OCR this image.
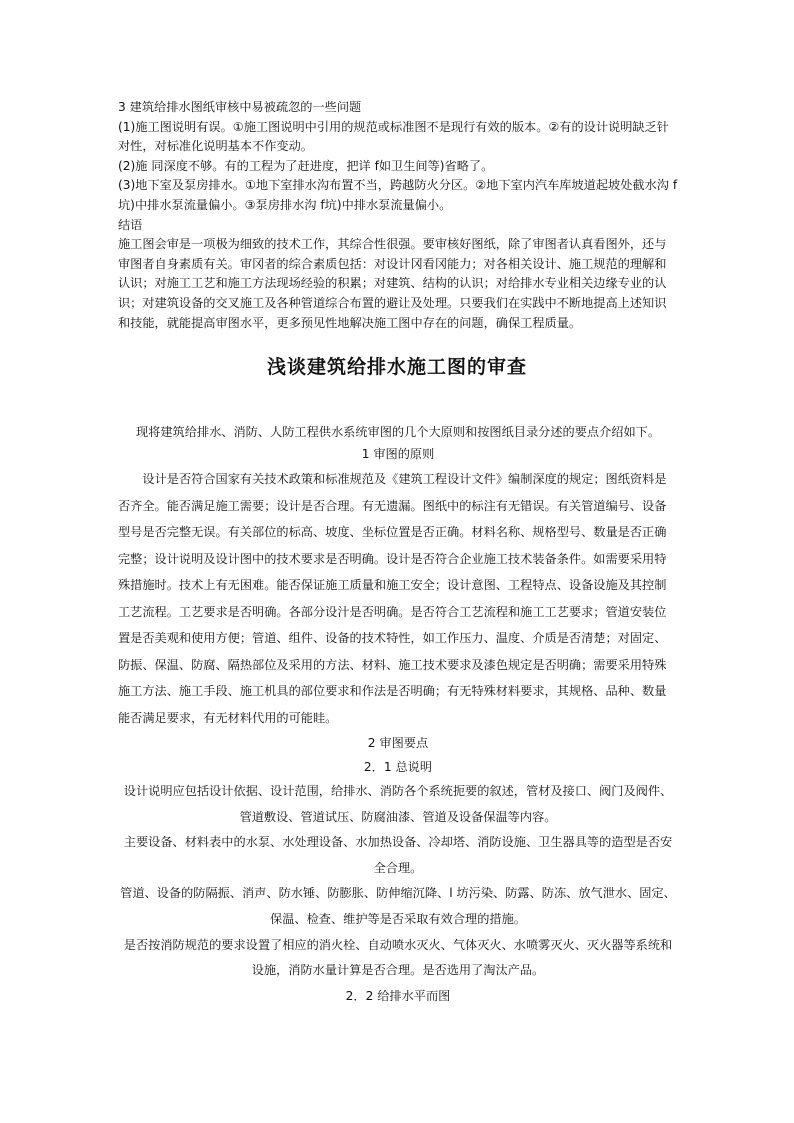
3 建筑给排水图纸审核中易被疏忽的一些问题

(1)施工图说明有误。①施工图说明中引用的规范或标准图不是现行有效的版本。②有的设计说明缺乏针对性，对标准化说明基本不作变动。

(2)施 同深度不够。有的工程为了赶进度，把详 f如卫生间等)省略了。

(3)地下室及泵房排水。①地下室排水沟布置不当，跨越防火分区。②地下室内汽车库坡道起坡处截水沟 f坑)中排水泵流量偏小。③泵房排水沟 f坑)中排水泵流量偏小。

结语

施工图会审是一项极为细致的技术工作，其综合性很强。要审核好图纸，除了审图者认真看图外，还与审图者自身素质有关。审冈者的综合素质包括：对设计冈看冈能力；对各相关设计、施工规范的理解和认识；对施工工艺和施工方法现场经验的积累；对建筑、结构的认识；对给排水专业相关边缘专业的认识；对建筑设备的交叉施工及各种管道综合布置的避让及处理。只要我们在实践中不断地提高上述知识和技能，就能提高审图水平，更多预见性地解决施工图中存在的问题，确保工程质量。

浅谈建筑给排水施工图的审查

现将建筑给排水、消防、人防工程供水系统审图的几个大原则和按图纸目录分述的要点介绍如下。

1 审图的原则

设计是否符合国家有关技术政策和标准规范及《建筑工程设计文件》编制深度的规定；图纸资料是否齐全。能否满足施工需要；设计是否合理。有无遗漏。图纸中的标注有无错误。有关管道编号、设备型号是否完整无误。有关部位的标高、坡度、坐标位置是否正确。材料名称、规格型号、数量是否正确完整；设计说明及设计图中的技术要求是否明确。设计是否符合企业施工技术装备条件。如需要采用特殊措施时。技术上有无困难。能否保证施工质量和施工安全；设计意图、工程特点、设备设施及其控制工艺流程。工艺要求是否明确。各部分设汁是否明确。是否符合工艺流程和施工工艺要求；管道安装位置是否美观和使用方便；管道、组件、设备的技术特性，如工作压力、温度、介质是否清楚；对固定、防振、保温、防腐、隔热部位及采用的方法、材料、施工技术要求及漆色规定是否明确；需要采用特殊施工方法、施工手段、施工机具的部位要求和作法是否明确；有无特殊材料要求，其规格、品种、数量能否满足要求，有无材料代用的可能眭。

2 审图要点

2．1 总说明

设计说明应包括设计依据、设计范围，给排水、消防各个系统扼要的叙述，管材及接口、阀门及阀件、管道敷设、管道试压、防腐油漆、管道及设备保温等内容。

主要设备、材料表中的水泵、水处理设备、水加热设备、冷却塔、消防设施、卫生器具等的造型是否安全合理。

管道、设备的防隔振、消声、防水锤、防膨胀、防伸缩沉降、l 坊污染、防露、防冻、放气泄水、固定、保温、检查、维护等是否采取有效合理的措施。

是否按消防规范的要求设置了相应的消火栓、自动喷水灭火、气体灭火、水喷雾灭火、灭火器等系统和设施，消防水量计算是否合理。是否选用了淘汰产品。

2．2 给排水平而图
